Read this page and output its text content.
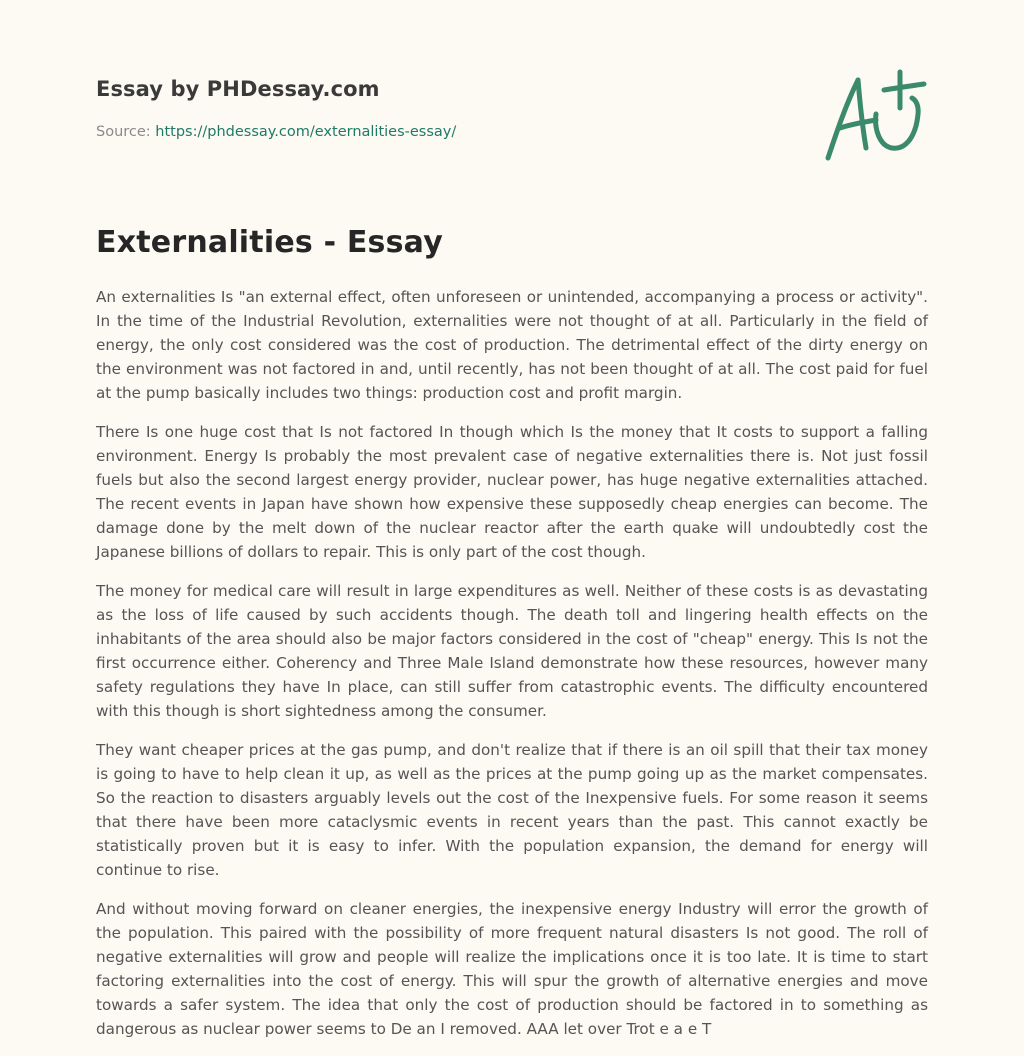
Essay by PHDessay.com
Source: https://phdessay.com/externalities-essay/
Externalities - Essay

An externalities Is "an external effect, often unforeseen or unintended, accompanying a process or activity". In the time of the Industrial Revolution, externalities were not thought of at all. Particularly in the field of energy, the only cost considered was the cost of production. The detrimental effect of the dirty energy on the environment was not factored in and, until recently, has not been thought of at all. The cost paid for fuel at the pump basically includes two things: production cost and profit margin.

There Is one huge cost that Is not factored In though which Is the money that It costs to support a falling environment. Energy Is probably the most prevalent case of negative externalities there is. Not just fossil fuels but also the second largest energy provider, nuclear power, has huge negative externalities attached. The recent events in Japan have shown how expensive these supposedly cheap energies can become. The damage done by the melt down of the nuclear reactor after the earth quake will undoubtedly cost the Japanese billions of dollars to repair. This is only part of the cost though.

The money for medical care will result in large expenditures as well. Neither of these costs is as devastating as the loss of life caused by such accidents though. The death toll and lingering health effects on the inhabitants of the area should also be major factors considered in the cost of "cheap" energy. This Is not the first occurrence either. Coherency and Three Male Island demonstrate how these resources, however many safety regulations they have In place, can still suffer from catastrophic events. The difficulty encountered with this though is short sightedness among the consumer.

They want cheaper prices at the gas pump, and don't realize that if there is an oil spill that their tax money is going to have to help clean it up, as well as the prices at the pump going up as the market compensates. So the reaction to disasters arguably levels out the cost of the Inexpensive fuels. For some reason it seems that there have been more cataclysmic events in recent years than the past. This cannot exactly be statistically proven but it is easy to infer. With the population expansion, the demand for energy will continue to rise.

And without moving forward on cleaner energies, the inexpensive energy Industry will error the growth of the population. This paired with the possibility of more frequent natural disasters Is not good. The roll of negative externalities will grow and people will realize the implications once it is too late. It is time to start factoring externalities into the cost of energy. This will spur the growth of alternative energies and move towards a safer system. The idea that only the cost of production should be factored in to something as dangerous as nuclear power seems to De an I removed. AAA let over Trot e a e T
